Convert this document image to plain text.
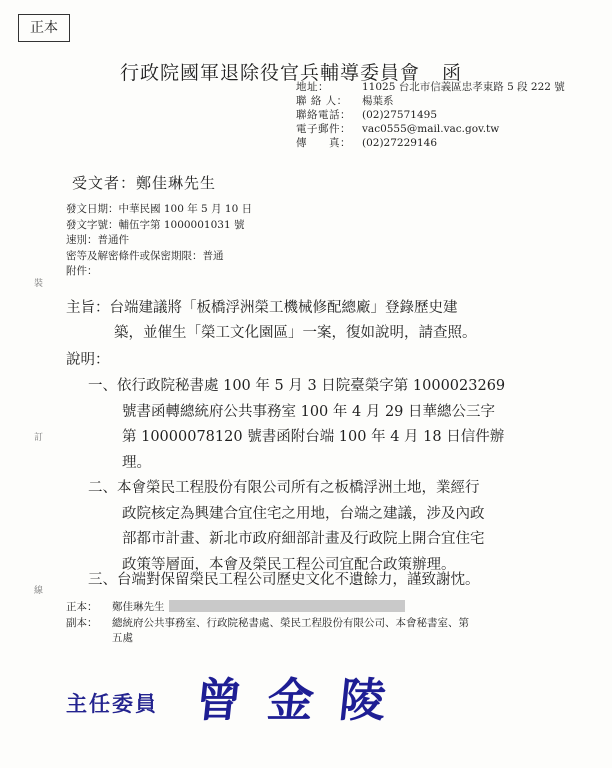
正本
行政院國軍退除役官兵輔導委員會 函
地址：	11025 台北市信義區忠孝東路 5 段 222 號
聯 絡 人：	楊葉系
聯絡電話：	(02)27571495
電子郵件：	vac0555@mail.vac.gov.tw
傳　　真：	(02)27229146
受文者：鄭佳琳先生
發文日期：中華民國 100 年 5 月 10 日
發文字號：輔伍字第 1000001031 號
速別：普通件
密等及解密條件或保密期限：普通
附件：
裝
訂
線
主旨：台端建議將「板橋浮洲榮工機械修配總廠」登錄歷史建
築，並催生「榮工文化園區」一案，復如說明，請查照。
說明：
一、依行政院秘書處 100 年 5 月 3 日院臺榮字第 1000023269
號書函轉總統府公共事務室 100 年 4 月 29 日華總公三字
第 10000078120 號書函附台端 100 年 4 月 18 日信件辦
理。
二、本會榮民工程股份有限公司所有之板橋浮洲土地，業經行
政院核定為興建合宜住宅之用地，台端之建議，涉及內政
部都市計畫、新北市政府細部計畫及行政院上開合宜住宅
政策等層面，本會及榮民工程公司宜配合政策辦理。
三、台端對保留榮民工程公司歷史文化不遺餘力，謹致謝忱。
正本：	鄭佳琳先生
副本：	總統府公共事務室、行政院秘書處、榮民工程股份有限公司、本會秘書室、第
五處
主任委員 曾金陵
